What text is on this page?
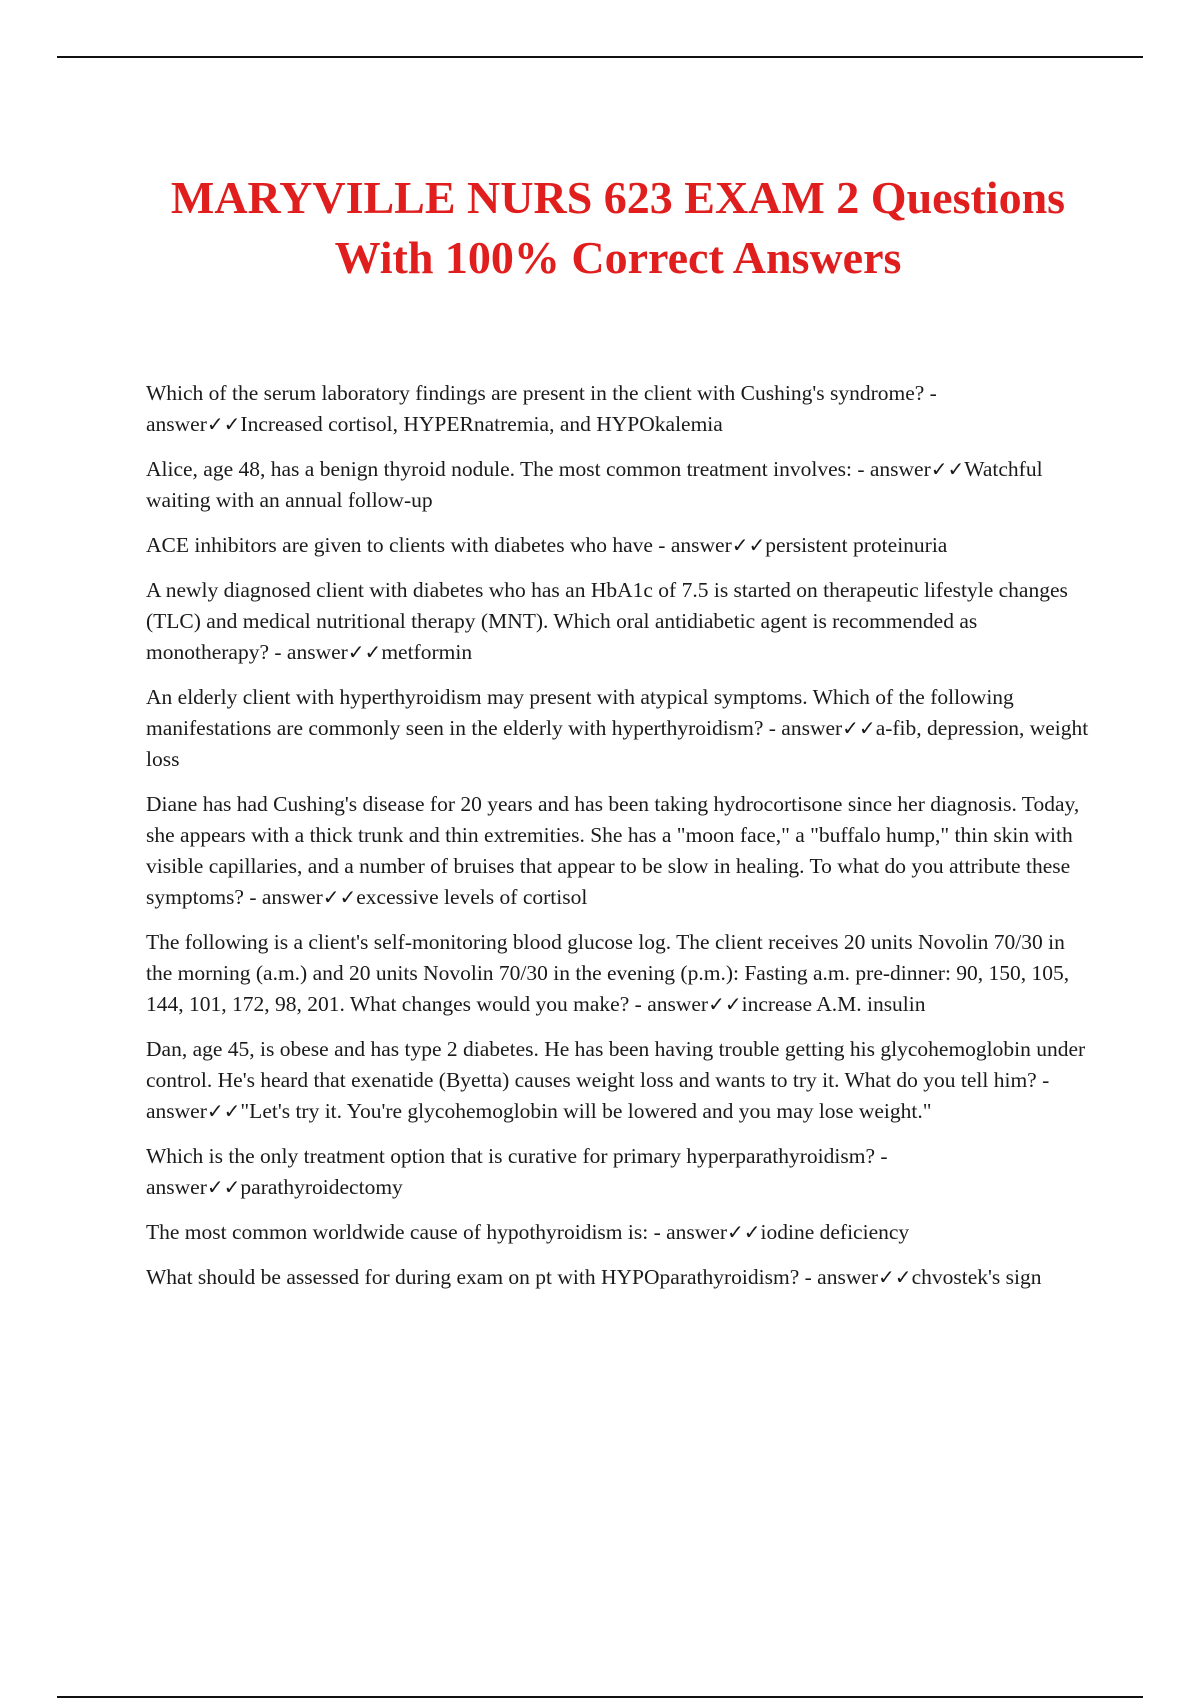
MARYVILLE NURS 623 EXAM 2 Questions With 100% Correct Answers

Which of the serum laboratory findings are present in the client with Cushing's syndrome? - answer✓✓Increased cortisol, HYPERnatremia, and HYPOkalemia

Alice, age 48, has a benign thyroid nodule. The most common treatment involves: - answer✓✓Watchful waiting with an annual follow-up

ACE inhibitors are given to clients with diabetes who have - answer✓✓persistent proteinuria

A newly diagnosed client with diabetes who has an HbA1c of 7.5 is started on therapeutic lifestyle changes (TLC) and medical nutritional therapy (MNT). Which oral antidiabetic agent is recommended as monotherapy? - answer✓✓metformin

An elderly client with hyperthyroidism may present with atypical symptoms. Which of the following manifestations are commonly seen in the elderly with hyperthyroidism? - answer✓✓a-fib, depression, weight loss

Diane has had Cushing's disease for 20 years and has been taking hydrocortisone since her diagnosis. Today, she appears with a thick trunk and thin extremities. She has a "moon face," a "buffalo hump," thin skin with visible capillaries, and a number of bruises that appear to be slow in healing. To what do you attribute these symptoms? - answer✓✓excessive levels of cortisol

The following is a client's self-monitoring blood glucose log. The client receives 20 units Novolin 70/30 in the morning (a.m.) and 20 units Novolin 70/30 in the evening (p.m.): Fasting a.m. pre-dinner: 90, 150, 105, 144, 101, 172, 98, 201. What changes would you make? - answer✓✓increase A.M. insulin

Dan, age 45, is obese and has type 2 diabetes. He has been having trouble getting his glycohemoglobin under control. He's heard that exenatide (Byetta) causes weight loss and wants to try it. What do you tell him? - answer✓✓"Let's try it. You're glycohemoglobin will be lowered and you may lose weight."

Which is the only treatment option that is curative for primary hyperparathyroidism? - answer✓✓parathyroidectomy

The most common worldwide cause of hypothyroidism is: - answer✓✓iodine deficiency

What should be assessed for during exam on pt with HYPOparathyroidism? - answer✓✓chvostek's sign
